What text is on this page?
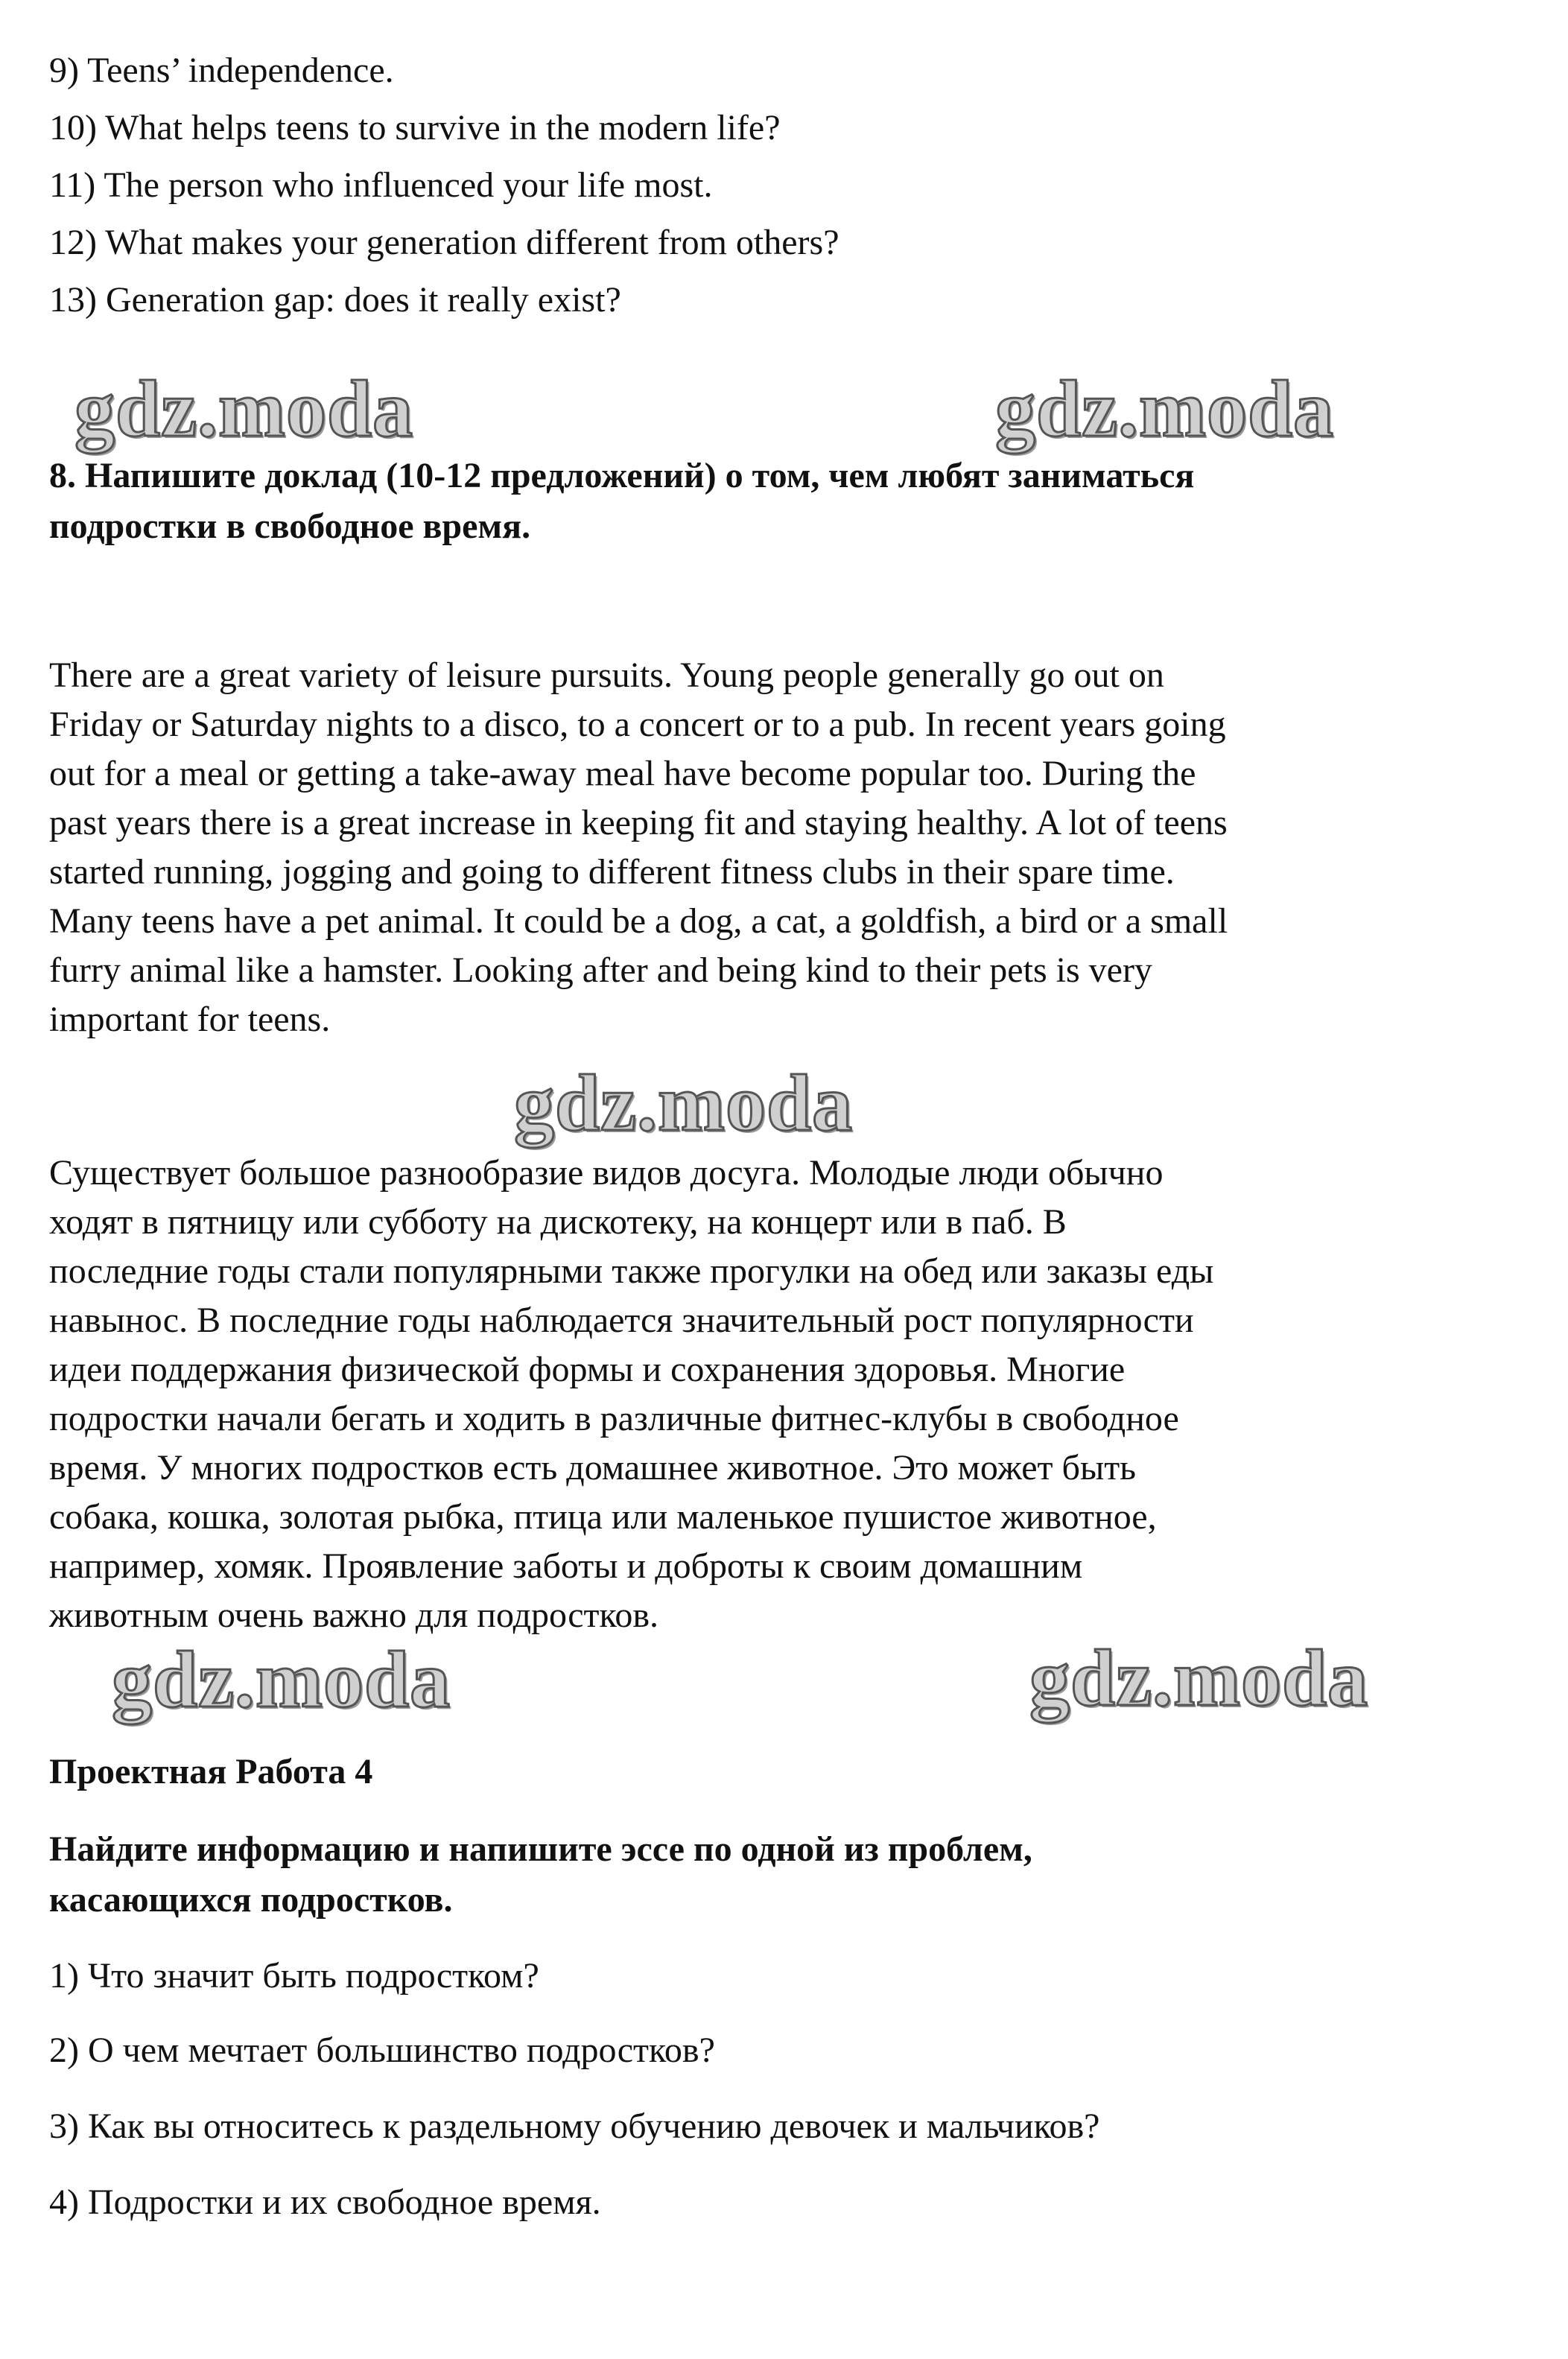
9) Teens’ independence.
10) What helps teens to survive in the modern life?
11) The person who influenced your life most.
12) What makes your generation different from others?
13) Generation gap: does it really exist?
gdz.moda	gdz.moda
gdz.moda
gdz.moda	gdz.moda
8. Напишите доклад (10-12 предложений) о том, чем любят заниматься
подростки в свободное время.
There are a great variety of leisure pursuits. Young people generally go out on
Friday or Saturday nights to a disco, to a concert or to a pub. In recent years going
out for a meal or getting a take-away meal have become popular too. During the
past years there is a great increase in keeping fit and staying healthy. A lot of teens
started running, jogging and going to different fitness clubs in their spare time.
Many teens have a pet animal. It could be a dog, a cat, a goldfish, a bird or a small
furry animal like a hamster. Looking after and being kind to their pets is very
important for teens.
Существует большое разнообразие видов досуга. Молодые люди обычно
ходят в пятницу или субботу на дискотеку, на концерт или в паб. В
последние годы стали популярными также прогулки на обед или заказы еды
навынос. В последние годы наблюдается значительный рост популярности
идеи поддержания физической формы и сохранения здоровья. Многие
подростки начали бегать и ходить в различные фитнес-клубы в свободное
время. У многих подростков есть домашнее животное. Это может быть
собака, кошка, золотая рыбка, птица или маленькое пушистое животное,
например, хомяк. Проявление заботы и доброты к своим домашним
животным очень важно для подростков.
Проектная Работа 4
Найдите информацию и напишите эссе по одной из проблем,
касающихся подростков.
1) Что значит быть подростком?
2) О чем мечтает большинство подростков?
3) Как вы относитесь к раздельному обучению девочек и мальчиков?
4) Подростки и их свободное время.
